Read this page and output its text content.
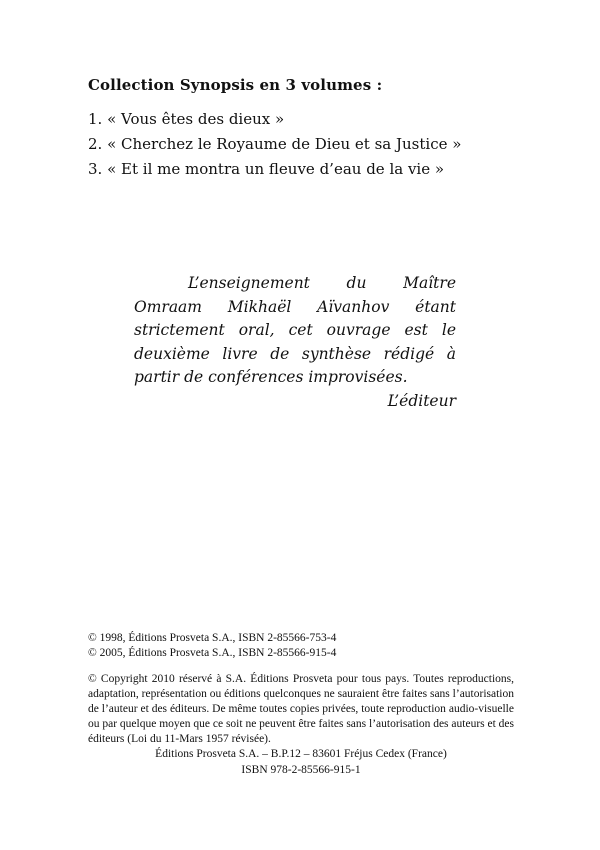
Collection Synopsis en 3 volumes :
1. « Vous êtes des dieux »
2. « Cherchez le Royaume de Dieu et sa Justice »
3. « Et il me montra un fleuve d’eau de la vie »

L’enseignement du Maître Omraam Mikhaël Aïvanhov étant strictement oral, cet ouvrage est le deuxième livre de synthèse rédigé à partir de conférences improvisées.

L’éditeur

© 1998, Éditions Prosveta S.A., ISBN 2-85566-753-4

© 2005, Éditions Prosveta S.A., ISBN 2-85566-915-4

© Copyright 2010 réservé à S.A. Éditions Prosveta pour tous pays. Toutes reproductions, adaptation, représentation ou éditions quelconques ne sauraient être faites sans l’autorisation de l’auteur et des éditeurs. De même toutes copies privées, toute reproduction audio-visuelle ou par quelque moyen que ce soit ne peuvent être faites sans l’autorisation des auteurs et des éditeurs (Loi du 11-Mars 1957 révisée).

Éditions Prosveta S.A. – B.P.12 – 83601 Fréjus Cedex (France)

ISBN 978-2-85566-915-1
